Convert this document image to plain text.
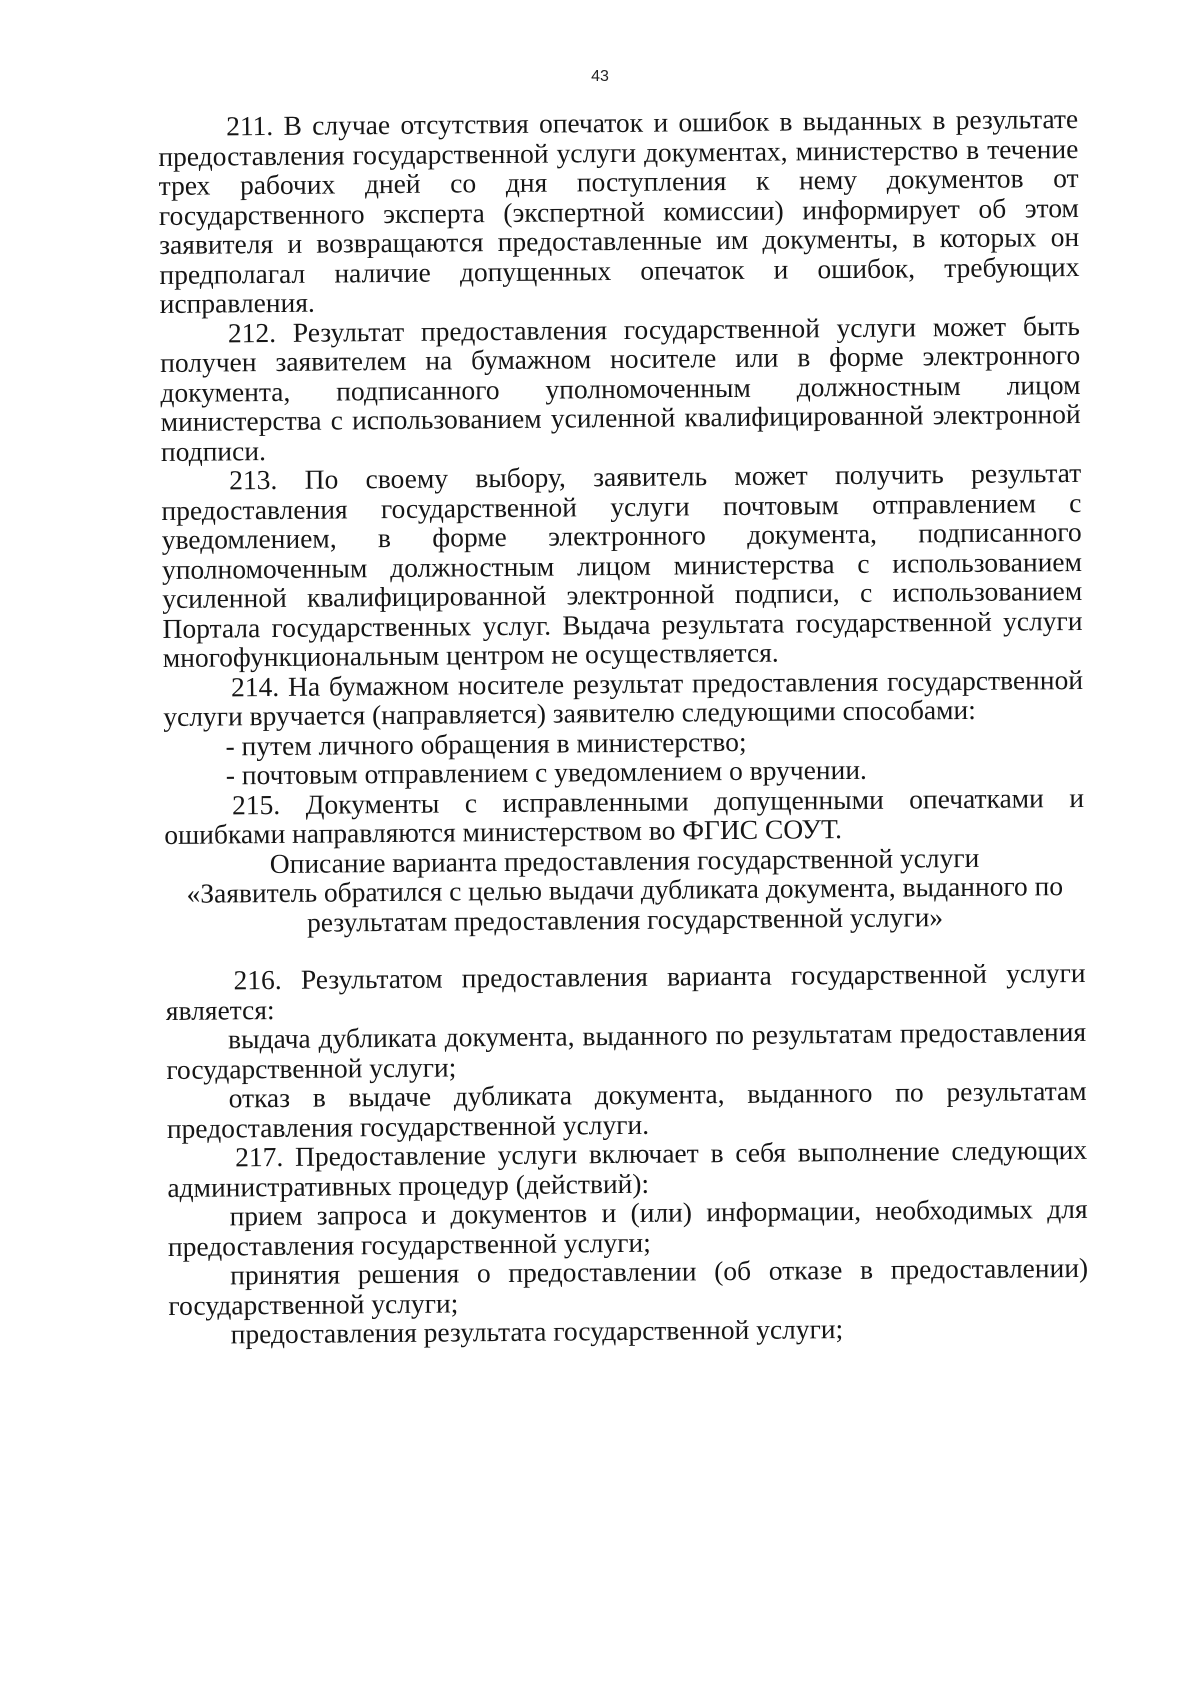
43

211. В случае отсутствия опечаток и ошибок в выданных в результате предоставления государственной услуги документах, министерство в течение трех рабочих дней со дня поступления к нему документов от государственного эксперта (экспертной комиссии) информирует об этом заявителя и возвращаются предоставленные им документы, в которых он предполагал наличие допущенных опечаток и ошибок, требующих исправления.

212. Результат предоставления государственной услуги может быть получен заявителем на бумажном носителе или в форме электронного документа, подписанного уполномоченным должностным лицом министерства с использованием усиленной квалифицированной электронной подписи.

213. По своему выбору, заявитель может получить результат предоставления государственной услуги почтовым отправлением с уведомлением, в форме электронного документа, подписанного уполномоченным должностным лицом министерства с использованием усиленной квалифицированной электронной подписи, с использованием Портала государственных услуг. Выдача результата государственной услуги многофункциональным центром не осуществляется.

214. На бумажном носителе результат предоставления государственной услуги вручается (направляется) заявителю следующими способами:

- путем личного обращения в министерство;

- почтовым отправлением с уведомлением о вручении.

215. Документы с исправленными допущенными опечатками и ошибками направляются министерством во ФГИС СОУТ.

Описание варианта предоставления государственной услуги

«Заявитель обратился с целью выдачи дубликата документа, выданного по

результатам предоставления государственной услуги»

216. Результатом предоставления варианта государственной услуги является:

выдача дубликата документа, выданного по результатам предоставления государственной услуги;

отказ в выдаче дубликата документа, выданного по результатам предоставления государственной услуги.

217. Предоставление услуги включает в себя выполнение следующих административных процедур (действий):

прием запроса и документов и (или) информации, необходимых для предоставления государственной услуги;

принятия решения о предоставлении (об отказе в предоставлении) государственной услуги;

предоставления результата государственной услуги;
